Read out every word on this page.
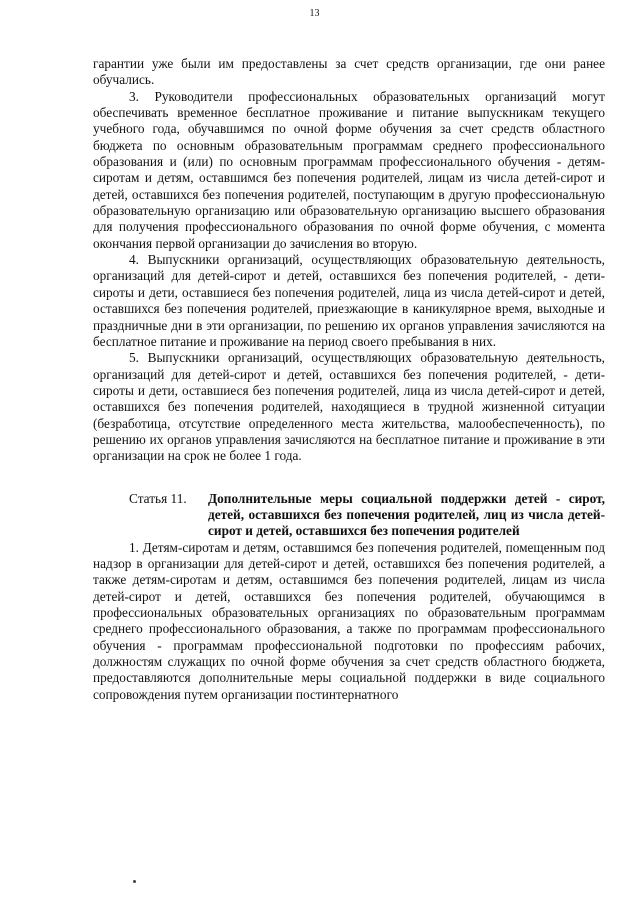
13

гарантии уже были им предоставлены за счет средств организации, где они ранее обучались.

3. Руководители профессиональных образовательных организаций могут обеспечивать временное бесплатное проживание и питание выпускникам текущего учебного года, обучавшимся по очной форме обучения за счет средств областного бюджета по основным образовательным программам среднего профессионального образования и (или) по основным программам профессионального обучения - детям-сиротам и детям, оставшимся без попечения родителей, лицам из числа детей-сирот и детей, оставшихся без попечения родителей, поступающим в другую профессиональную образовательную организацию или образовательную организацию высшего образования для получения профессионального образования по очной форме обучения, с момента окончания первой организации до зачисления во вторую.

4. Выпускники организаций, осуществляющих образовательную деятельность, организаций для детей-сирот и детей, оставшихся без попечения родителей, - дети-сироты и дети, оставшиеся без попечения родителей, лица из числа детей-сирот и детей, оставшихся без попечения родителей, приезжающие в каникулярное время, выходные и праздничные дни в эти организации, по решению их органов управления зачисляются на бесплатное питание и проживание на период своего пребывания в них.

5. Выпускники организаций, осуществляющих образовательную деятельность, организаций для детей-сирот и детей, оставшихся без попечения родителей, - дети-сироты и дети, оставшиеся без попечения родителей, лица из числа детей-сирот и детей, оставшихся без попечения родителей, находящиеся в трудной жизненной ситуации (безработица, отсутствие определенного места жительства, малообеспеченность), по решению их органов управления зачисляются на бесплатное питание и проживание в эти организации на срок не более 1 года.

Статья 11.	Дополнительные меры социальной поддержки детей - сирот, детей, оставшихся без попечения родителей, лиц из числа детей-сирот и детей, оставшихся без попечения родителей

1. Детям-сиротам и детям, оставшимся без попечения родителей, помещенным под надзор в организации для детей-сирот и детей, оставшихся без попечения родителей, а также детям-сиротам и детям, оставшимся без попечения родителей, лицам из числа детей-сирот и детей, оставшихся без попечения родителей, обучающимся в профессиональных образовательных организациях по образовательным программам среднего профессионального образования, а также по программам профессионального обучения - программам профессиональной подготовки по профессиям рабочих, должностям служащих по очной форме обучения за счет средств областного бюджета, предоставляются дополнительные меры социальной поддержки в виде социального сопровождения путем организации постинтернатного
